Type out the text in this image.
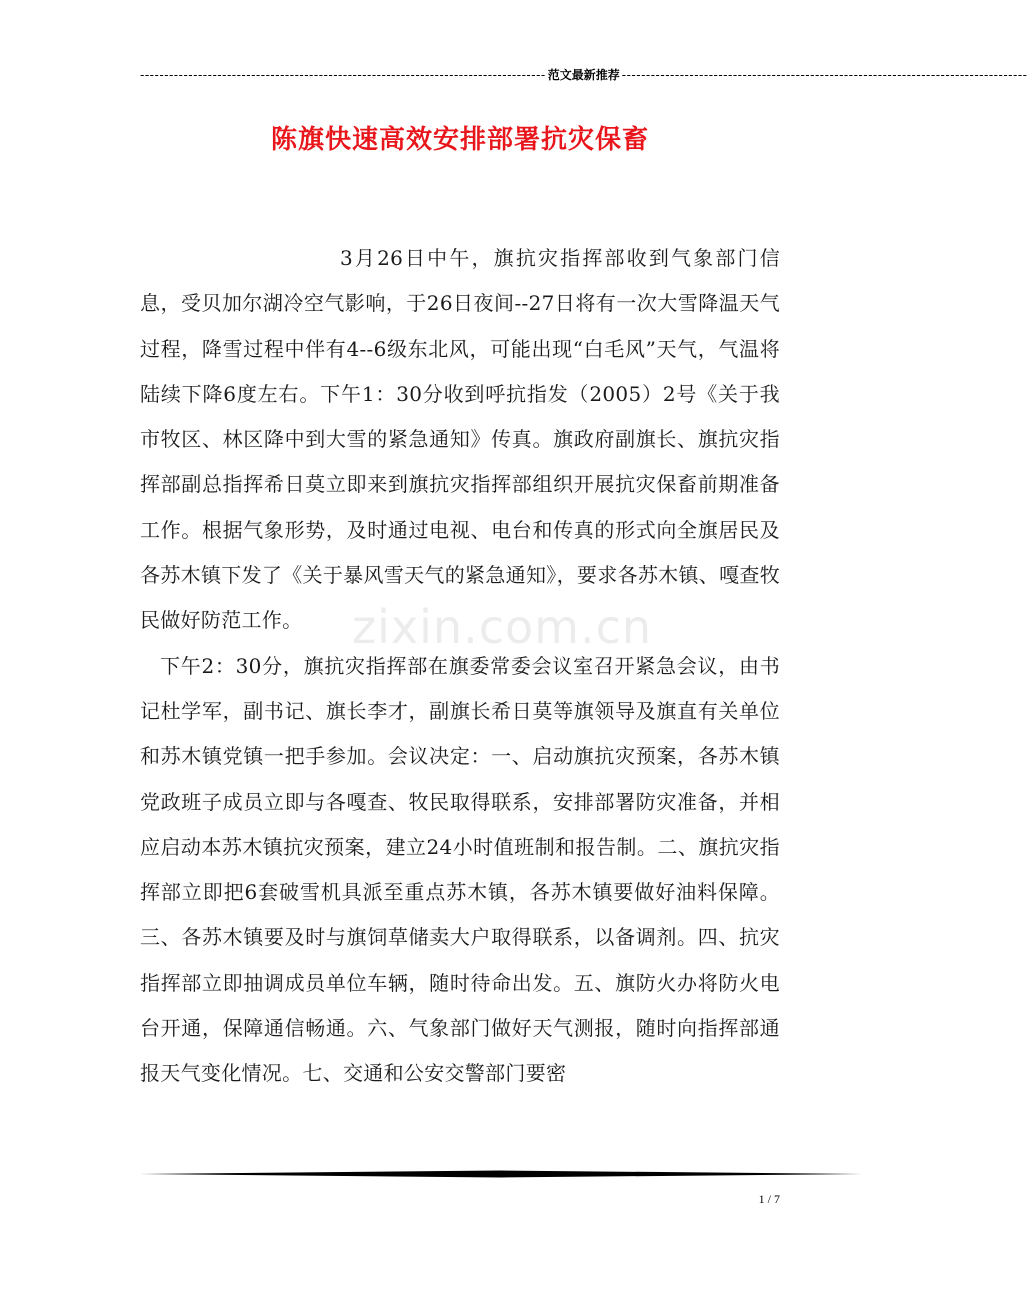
------------------------------------------------------------------------------------ 范文最新推荐 ------------------------------------------------------------------------------------
陈旗快速高效安排部署抗灾保畜

3月26日中午，旗抗灾指挥部收到气象部门信息，受贝加尔湖冷空气影响，于26日夜间--27日将有一次大雪降温天气过程，降雪过程中伴有4--6级东北风，可能出现“白毛风”天气，气温将陆续下降6度左右。下午1：30分收到呼抗指发（2005）2号《关于我市牧区、林区降中到大雪的紧急通知》传真。旗政府副旗长、旗抗灾指挥部副总指挥希日莫立即来到旗抗灾指挥部组织开展抗灾保畜前期准备工作。根据气象形势，及时通过电视、电台和传真的形式向全旗居民及各苏木镇下发了《关于暴风雪天气的紧急通知》，要求各苏木镇、嘎查牧民做好防范工作。

下午2：30分，旗抗灾指挥部在旗委常委会议室召开紧急会议，由书记杜学军，副书记、旗长李才，副旗长希日莫等旗领导及旗直有关单位和苏木镇党镇一把手参加。会议决定：一、启动旗抗灾预案，各苏木镇党政班子成员立即与各嘎查、牧民取得联系，安排部署防灾准备，并相应启动本苏木镇抗灾预案，建立24小时值班制和报告制。二、旗抗灾指挥部立即把6套破雪机具派至重点苏木镇，各苏木镇要做好油料保障。三、各苏木镇要及时与旗饲草储卖大户取得联系，以备调剂。四、抗灾指挥部立即抽调成员单位车辆，随时待命出发。五、旗防火办将防火电台开通，保障通信畅通。六、气象部门做好天气测报，随时向指挥部通报天气变化情况。七、交通和公安交警部门要密

zixin.com.cn
1 / 7
